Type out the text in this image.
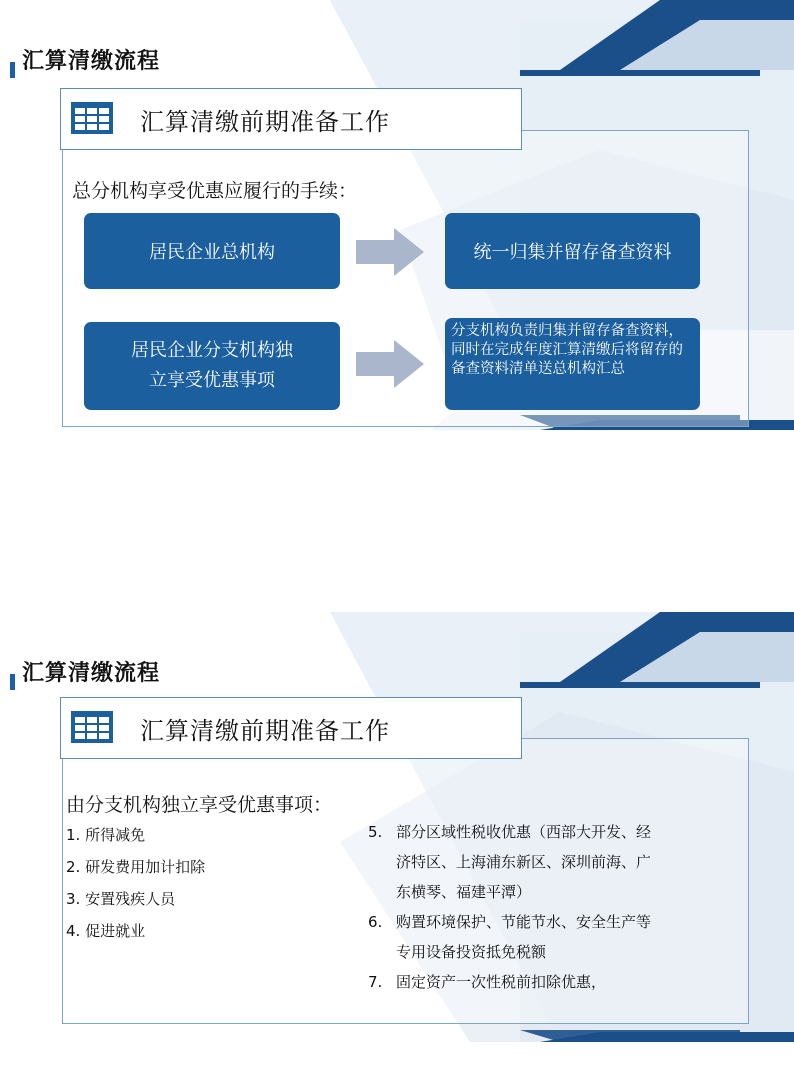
汇算清缴流程
汇算清缴前期准备工作
总分机构享受优惠应履行的手续：
居民企业总机构	统一归集并留存备查资料
居民企业分支机构独立享受优惠事项
分支机构负责归集并留存备查资料，同时在完成年度汇算清缴后将留存的备查资料清单送总机构汇总
汇算清缴流程
汇算清缴前期准备工作
由分支机构独立享受优惠事项：
1. 所得减免
2. 研发费用加计扣除
3. 安置残疾人员
4. 促进就业
5. 部分区域性税收优惠（西部大开发、经
济特区、上海浦东新区、深圳前海、广
东横琴、福建平潭）
6. 购置环境保护、节能节水、安全生产等
专用设备投资抵免税额
7. 固定资产一次性税前扣除优惠，
